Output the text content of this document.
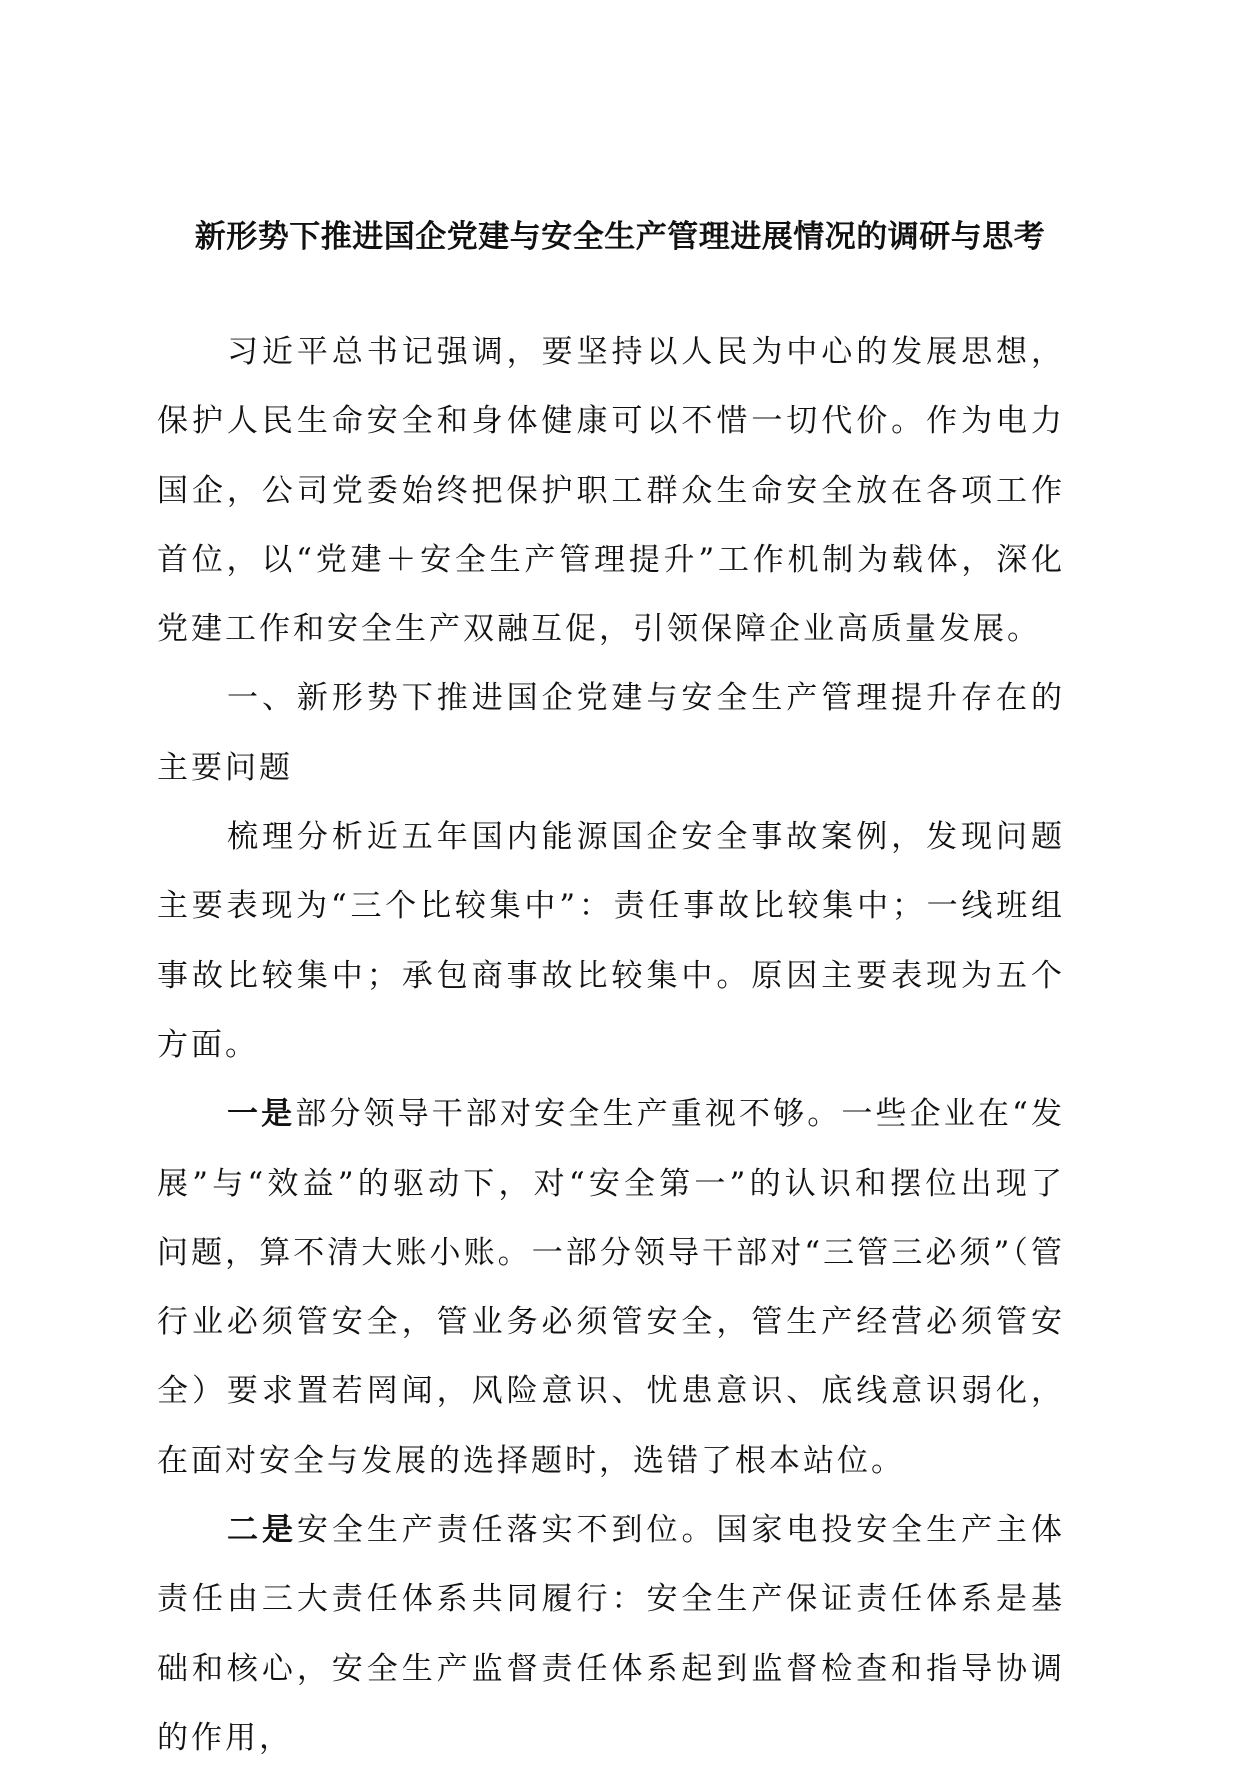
新形势下推进国企党建与安全生产管理进展情况的调研与思考

习近平总书记强调，要坚持以人民为中心的发展思想，保护人民生命安全和身体健康可以不惜一切代价。作为电力国企，公司党委始终把保护职工群众生命安全放在各项工作首位，以“党建＋安全生产管理提升”工作机制为载体，深化党建工作和安全生产双融互促，引领保障企业高质量发展。

一、新形势下推进国企党建与安全生产管理提升存在的主要问题

梳理分析近五年国内能源国企安全事故案例，发现问题主要表现为“三个比较集中”：责任事故比较集中；一线班组事故比较集中；承包商事故比较集中。原因主要表现为五个方面。

一是部分领导干部对安全生产重视不够。一些企业在“发展”与“效益”的驱动下，对“安全第一”的认识和摆位出现了问题，算不清大账小账。一部分领导干部对“三管三必须”（管行业必须管安全，管业务必须管安全，管生产经营必须管安全）要求置若罔闻，风险意识、忧患意识、底线意识弱化，在面对安全与发展的选择题时，选错了根本站位。

二是安全生产责任落实不到位。国家电投安全生产主体责任由三大责任体系共同履行：安全生产保证责任体系是基础和核心，安全生产监督责任体系起到监督检查和指导协调的作用，
